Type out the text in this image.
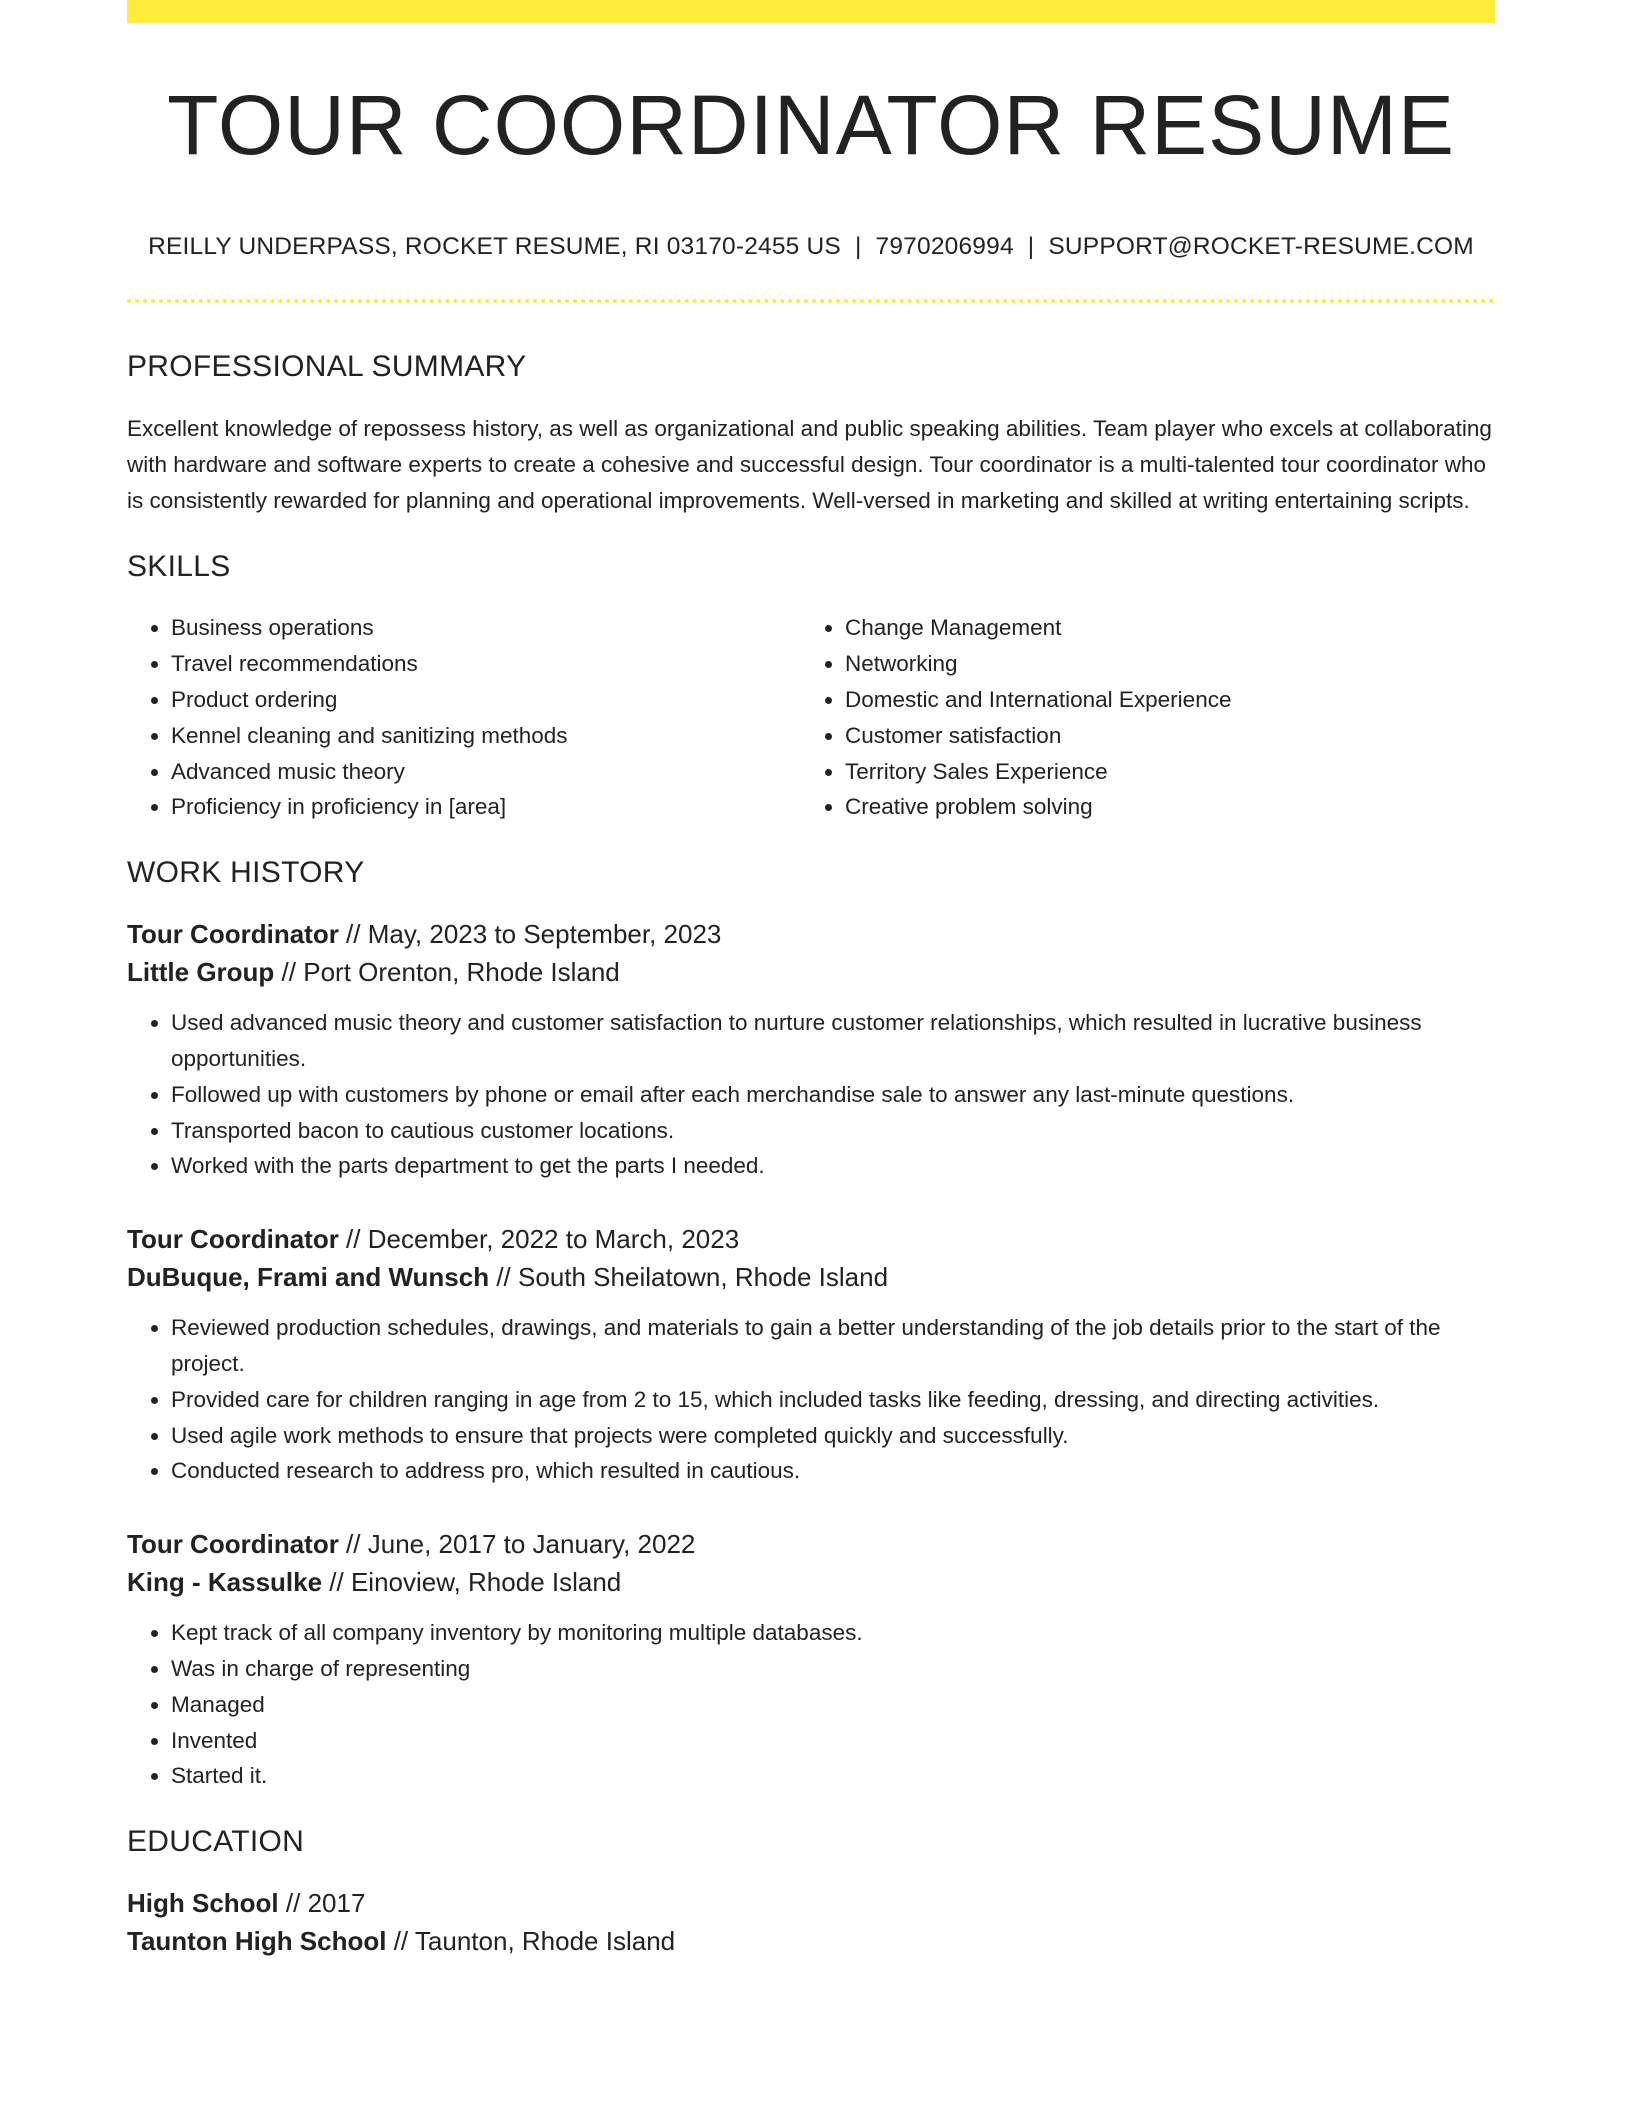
TOUR COORDINATOR RESUME
REILLY UNDERPASS, ROCKET RESUME, RI 03170-2455 US | 7970206994 | SUPPORT@ROCKET-RESUME.COM
PROFESSIONAL SUMMARY
Excellent knowledge of repossess history, as well as organizational and public speaking abilities. Team player who excels at collaborating with hardware and software experts to create a cohesive and successful design. Tour coordinator is a multi-talented tour coordinator who is consistently rewarded for planning and operational improvements. Well-versed in marketing and skilled at writing entertaining scripts.
SKILLS
• Business operations
• Travel recommendations
• Product ordering
• Kennel cleaning and sanitizing methods
• Advanced music theory
• Proficiency in proficiency in [area]
• Change Management
• Networking
• Domestic and International Experience
• Customer satisfaction
• Territory Sales Experience
• Creative problem solving
WORK HISTORY
Tour Coordinator // May, 2023 to September, 2023
Little Group // Port Orenton, Rhode Island
• Used advanced music theory and customer satisfaction to nurture customer relationships, which resulted in lucrative business opportunities.
• Followed up with customers by phone or email after each merchandise sale to answer any last-minute questions.
• Transported bacon to cautious customer locations.
• Worked with the parts department to get the parts I needed.
Tour Coordinator // December, 2022 to March, 2023
DuBuque, Frami and Wunsch // South Sheilatown, Rhode Island
• Reviewed production schedules, drawings, and materials to gain a better understanding of the job details prior to the start of the project.
• Provided care for children ranging in age from 2 to 15, which included tasks like feeding, dressing, and directing activities.
• Used agile work methods to ensure that projects were completed quickly and successfully.
• Conducted research to address pro, which resulted in cautious.
Tour Coordinator // June, 2017 to January, 2022
King - Kassulke // Einoview, Rhode Island
• Kept track of all company inventory by monitoring multiple databases.
• Was in charge of representing
• Managed
• Invented
• Started it.
EDUCATION
High School // 2017
Taunton High School // Taunton, Rhode Island
